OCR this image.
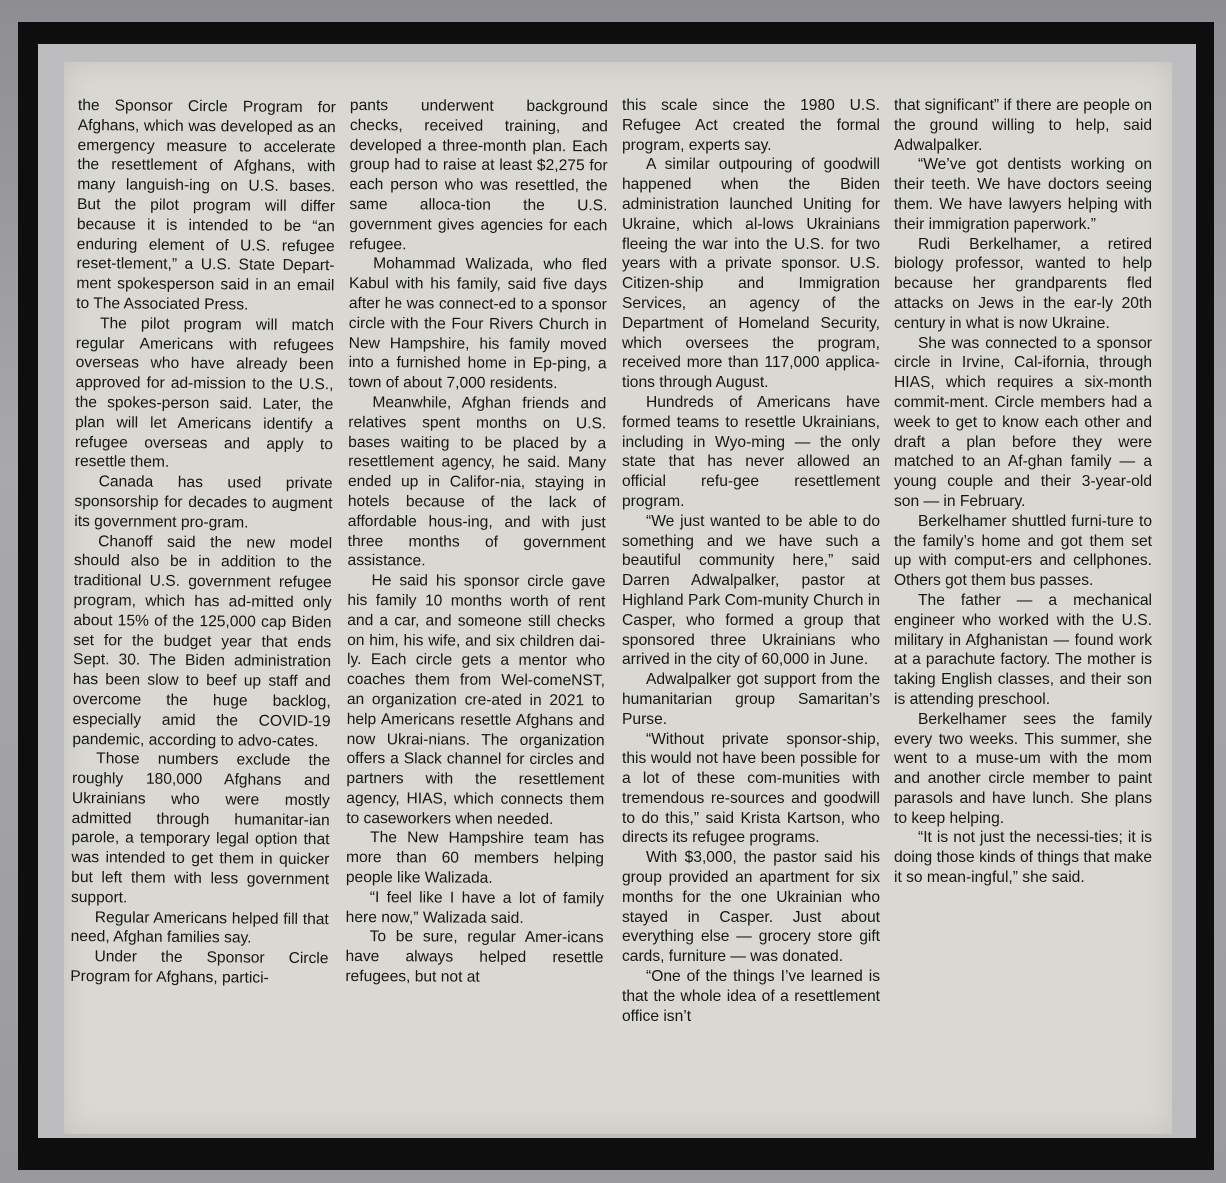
the Sponsor Circle Program for Afghans, which was developed as an emergency measure to accelerate the resettlement of Afghans, with many languish-ing on U.S. bases. But the pilot program will differ because it is intended to be “an enduring element of U.S. refugee reset-tlement,” a U.S. State Depart-ment spokesperson said in an email to The Associated Press.

The pilot program will match regular Americans with refugees overseas who have already been approved for ad-mission to the U.S., the spokes-person said. Later, the plan will let Americans identify a refugee overseas and apply to resettle them.

Canada has used private sponsorship for decades to augment its government pro-gram.

Chanoff said the new model should also be in addition to the traditional U.S. government refugee program, which has ad-mitted only about 15% of the 125,000 cap Biden set for the budget year that ends Sept. 30. The Biden administration has been slow to beef up staff and overcome the huge backlog, especially amid the COVID-19 pandemic, according to advo-cates.

Those numbers exclude the roughly 180,000 Afghans and Ukrainians who were mostly admitted through humanitar-ian parole, a temporary legal option that was intended to get them in quicker but left them with less government support.

Regular Americans helped fill that need, Afghan families say.

Under the Sponsor Circle Program for Afghans, partici-

pants underwent background checks, received training, and developed a three-month plan. Each group had to raise at least $2,275 for each person who was resettled, the same alloca-tion the U.S. government gives agencies for each refugee.

Mohammad Walizada, who fled Kabul with his family, said five days after he was connect-ed to a sponsor circle with the Four Rivers Church in New Hampshire, his family moved into a furnished home in Ep-ping, a town of about 7,000 residents.

Meanwhile, Afghan friends and relatives spent months on U.S. bases waiting to be placed by a resettlement agency, he said. Many ended up in Califor-nia, staying in hotels because of the lack of affordable hous-ing, and with just three months of government assistance.

He said his sponsor circle gave his family 10 months worth of rent and a car, and someone still checks on him, his wife, and six children dai-ly. Each circle gets a mentor who coaches them from Wel-comeNST, an organization cre-ated in 2021 to help Americans resettle Afghans and now Ukrai-nians. The organization offers a Slack channel for circles and partners with the resettlement agency, HIAS, which connects them to caseworkers when needed.

The New Hampshire team has more than 60 members helping people like Walizada.

“I feel like I have a lot of family here now,” Walizada said.

To be sure, regular Amer-icans have always helped resettle refugees, but not at

this scale since the 1980 U.S. Refugee Act created the formal program, experts say.

A similar outpouring of goodwill happened when the Biden administration launched Uniting for Ukraine, which al-lows Ukrainians fleeing the war into the U.S. for two years with a private sponsor. U.S. Citizen-ship and Immigration Services, an agency of the Department of Homeland Security, which oversees the program, received more than 117,000 applica-tions through August.

Hundreds of Americans have formed teams to resettle Ukrainians, including in Wyo-ming — the only state that has never allowed an official refu-gee resettlement program.

“We just wanted to be able to do something and we have such a beautiful community here,” said Darren Adwalpalker, pastor at Highland Park Com-munity Church in Casper, who formed a group that sponsored three Ukrainians who arrived in the city of 60,000 in June.

Adwalpalker got support from the humanitarian group Samaritan’s Purse.

“Without private sponsor-ship, this would not have been possible for a lot of these com-munities with tremendous re-sources and goodwill to do this,” said Krista Kartson, who directs its refugee programs.

With $3,000, the pastor said his group provided an apartment for six months for the one Ukrainian who stayed in Casper. Just about everything else — grocery store gift cards, furniture — was donated.

“One of the things I’ve learned is that the whole idea of a resettlement office isn’t

that significant” if there are people on the ground willing to help, said Adwalpalker.

“We’ve got dentists working on their teeth. We have doctors seeing them. We have lawyers helping with their immigration paperwork.”

Rudi Berkelhamer, a retired biology professor, wanted to help because her grandparents fled attacks on Jews in the ear-ly 20th century in what is now Ukraine.

She was connected to a sponsor circle in Irvine, Cal-ifornia, through HIAS, which requires a six-month commit-ment. Circle members had a week to get to know each other and draft a plan before they were matched to an Af-ghan family — a young couple and their 3-year-old son — in February.

Berkelhamer shuttled furni-ture to the family’s home and got them set up with comput-ers and cellphones. Others got them bus passes.

The father — a mechanical engineer who worked with the U.S. military in Afghanistan — found work at a parachute factory. The mother is taking English classes, and their son is attending preschool.

Berkelhamer sees the family every two weeks. This summer, she went to a muse-um with the mom and another circle member to paint parasols and have lunch. She plans to keep helping.

“It is not just the necessi-ties; it is doing those kinds of things that make it so mean-ingful,” she said.
